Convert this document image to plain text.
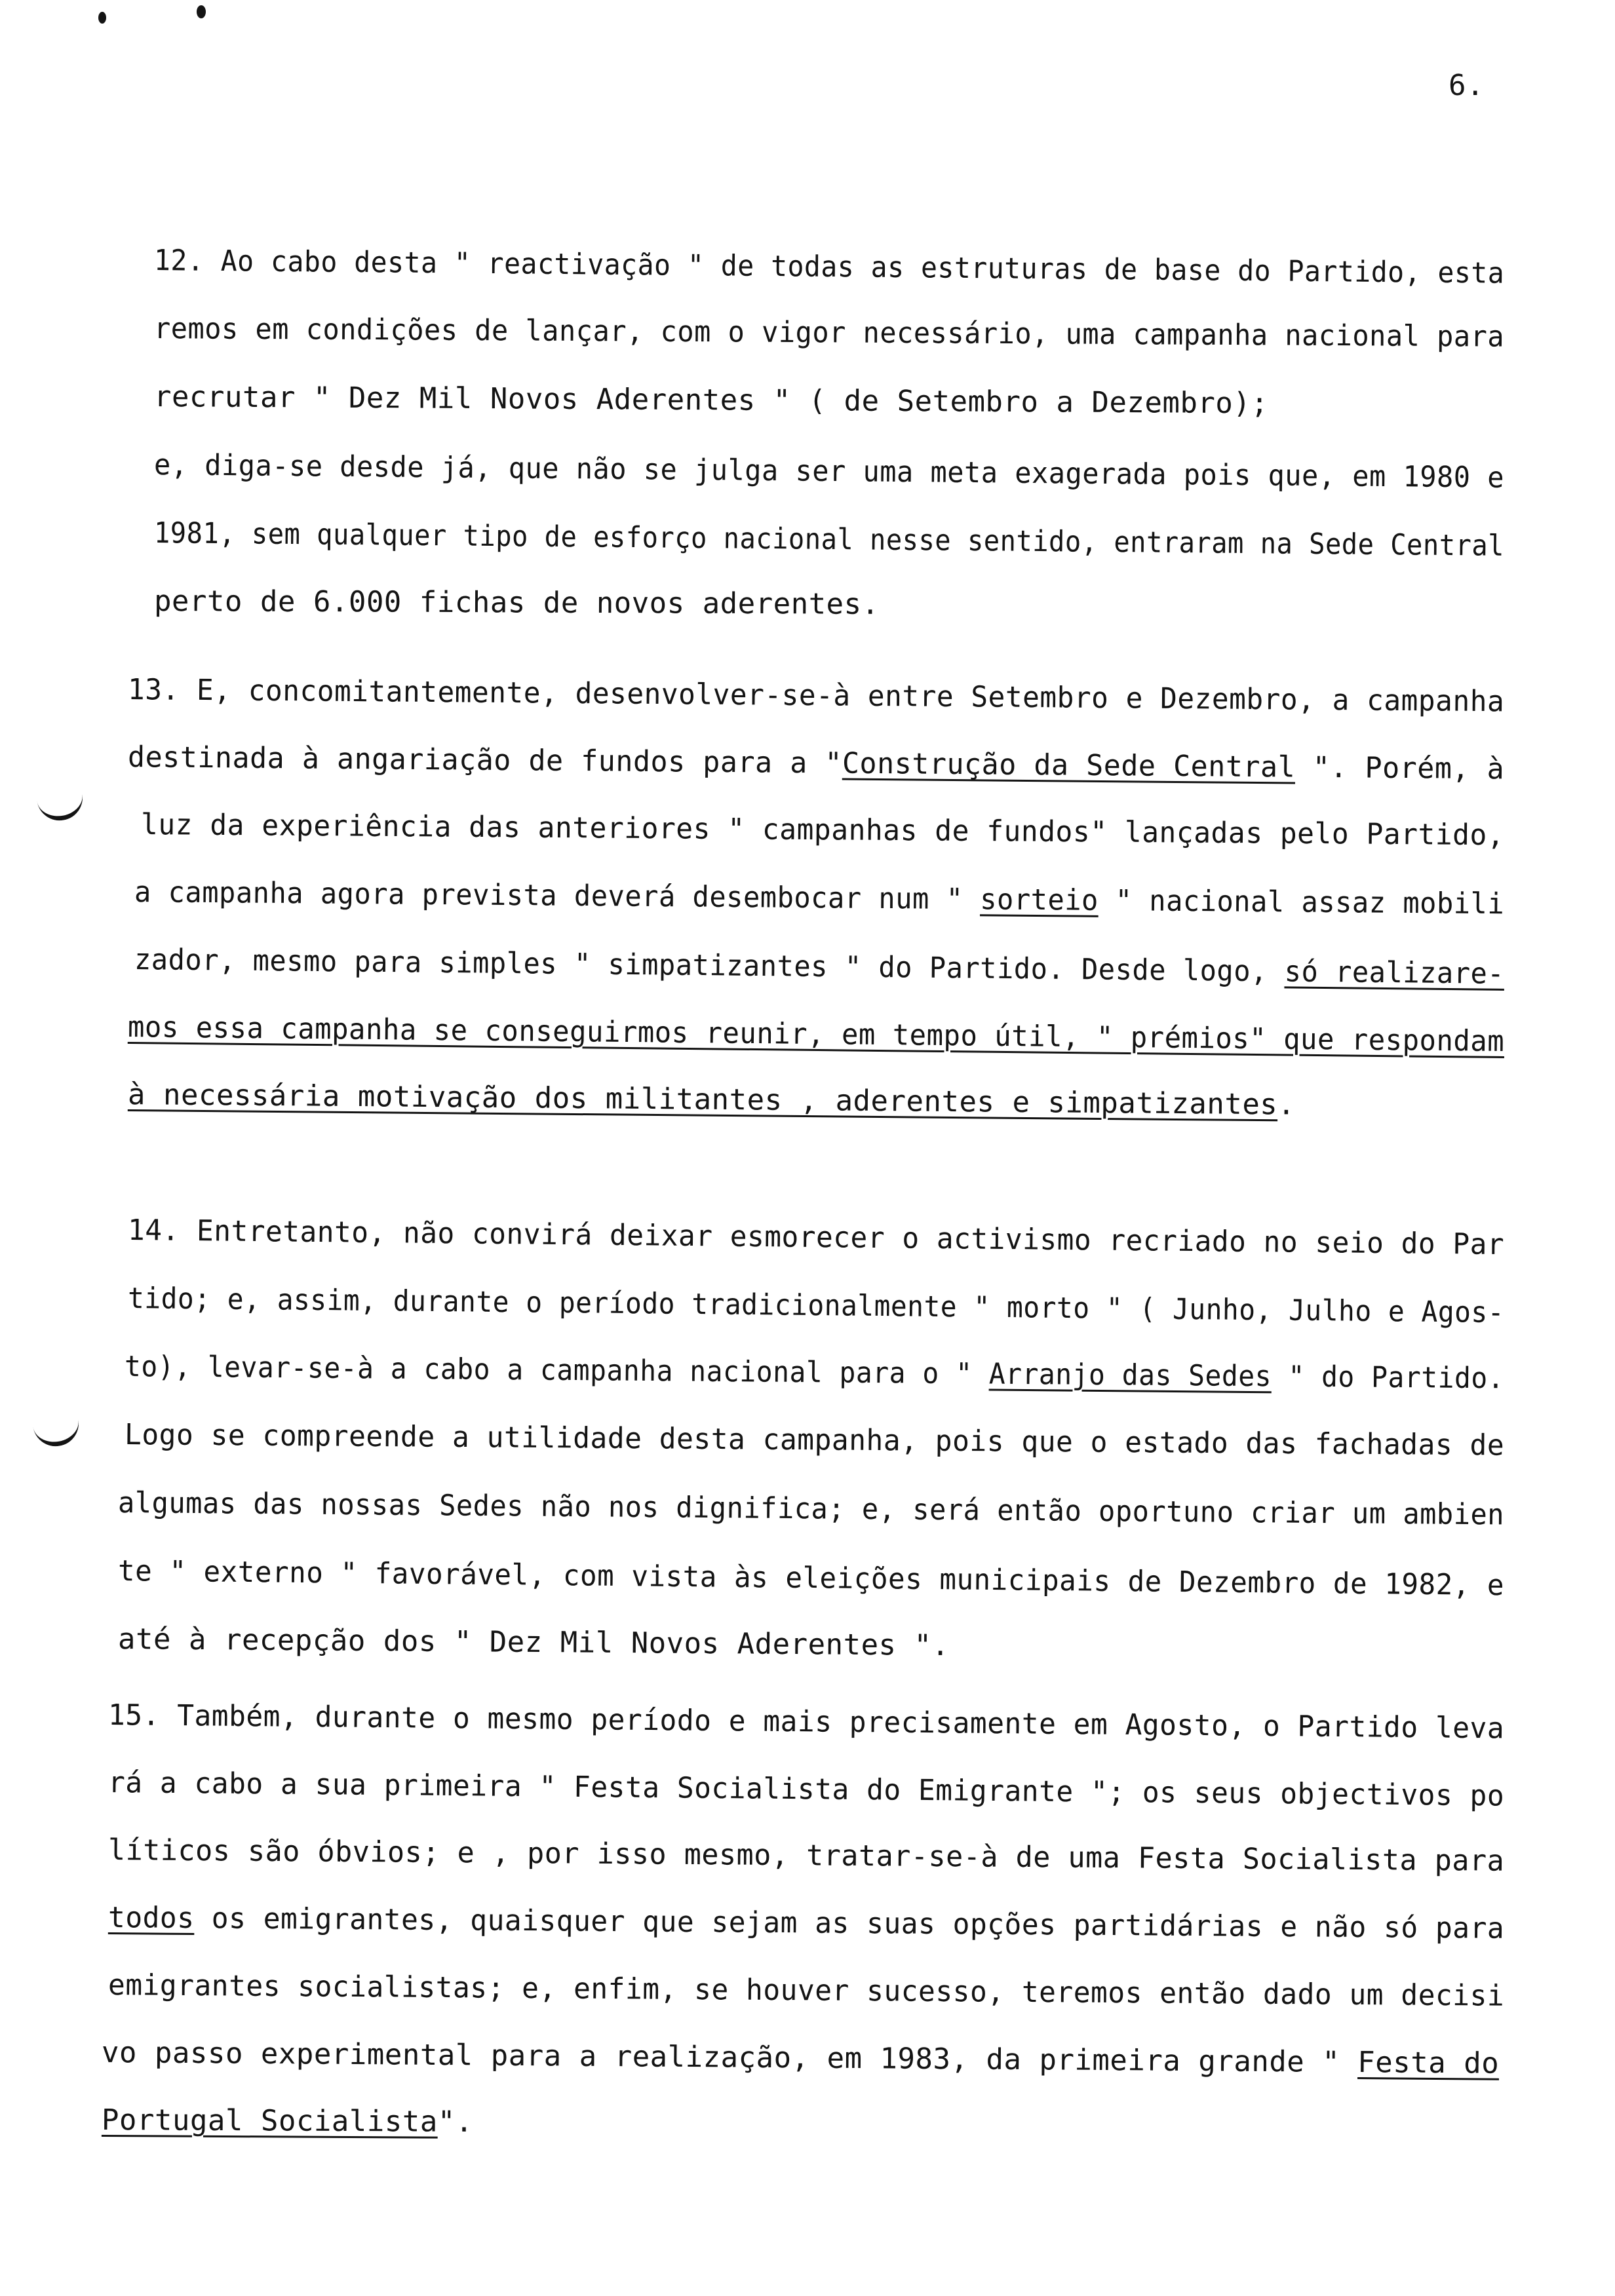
6.
12. Ao cabo desta " reactivação " de todas as estruturas de base do Partido, esta
remos em condições de lançar, com o vigor necessário, uma campanha nacional para
recrutar " Dez Mil Novos Aderentes " ( de Setembro a Dezembro);
e, diga-se desde já, que não se julga ser uma meta exagerada pois que, em 1980 e
1981, sem qualquer tipo de esforço nacional nesse sentido, entraram na Sede Central
perto de 6.000 fichas de novos aderentes.
13. E, concomitantemente, desenvolver-se-à entre Setembro e Dezembro, a campanha
destinada à angariação de fundos para a "Construção da Sede Central ". Porém, à
luz da experiência das anteriores " campanhas de fundos" lançadas pelo Partido,
a campanha agora prevista deverá desembocar num " sorteio " nacional assaz mobili
zador, mesmo para simples " simpatizantes " do Partido. Desde logo, só realizare-
mos essa campanha se conseguirmos reunir, em tempo útil, " prémios" que respondam
à necessária motivação dos militantes , aderentes e simpatizantes.
14. Entretanto, não convirá deixar esmorecer o activismo recriado no seio do Par
tido; e, assim, durante o período tradicionalmente " morto " ( Junho, Julho e Agos-
to), levar-se-à a cabo a campanha nacional para o " Arranjo das Sedes " do Partido.
Logo se compreende a utilidade desta campanha, pois que o estado das fachadas de
algumas das nossas Sedes não nos dignifica; e, será então oportuno criar um ambien
te " externo " favorável, com vista às eleições municipais de Dezembro de 1982, e
até à recepção dos " Dez Mil Novos Aderentes ".
15. Também, durante o mesmo período e mais precisamente em Agosto, o Partido leva
rá a cabo a sua primeira " Festa Socialista do Emigrante "; os seus objectivos po
líticos são óbvios; e , por isso mesmo, tratar-se-à de uma Festa Socialista para
todos os emigrantes, quaisquer que sejam as suas opções partidárias e não só para
emigrantes socialistas; e, enfim, se houver sucesso, teremos então dado um decisi
vo passo experimental para a realização, em 1983, da primeira grande " Festa do
Portugal Socialista".
